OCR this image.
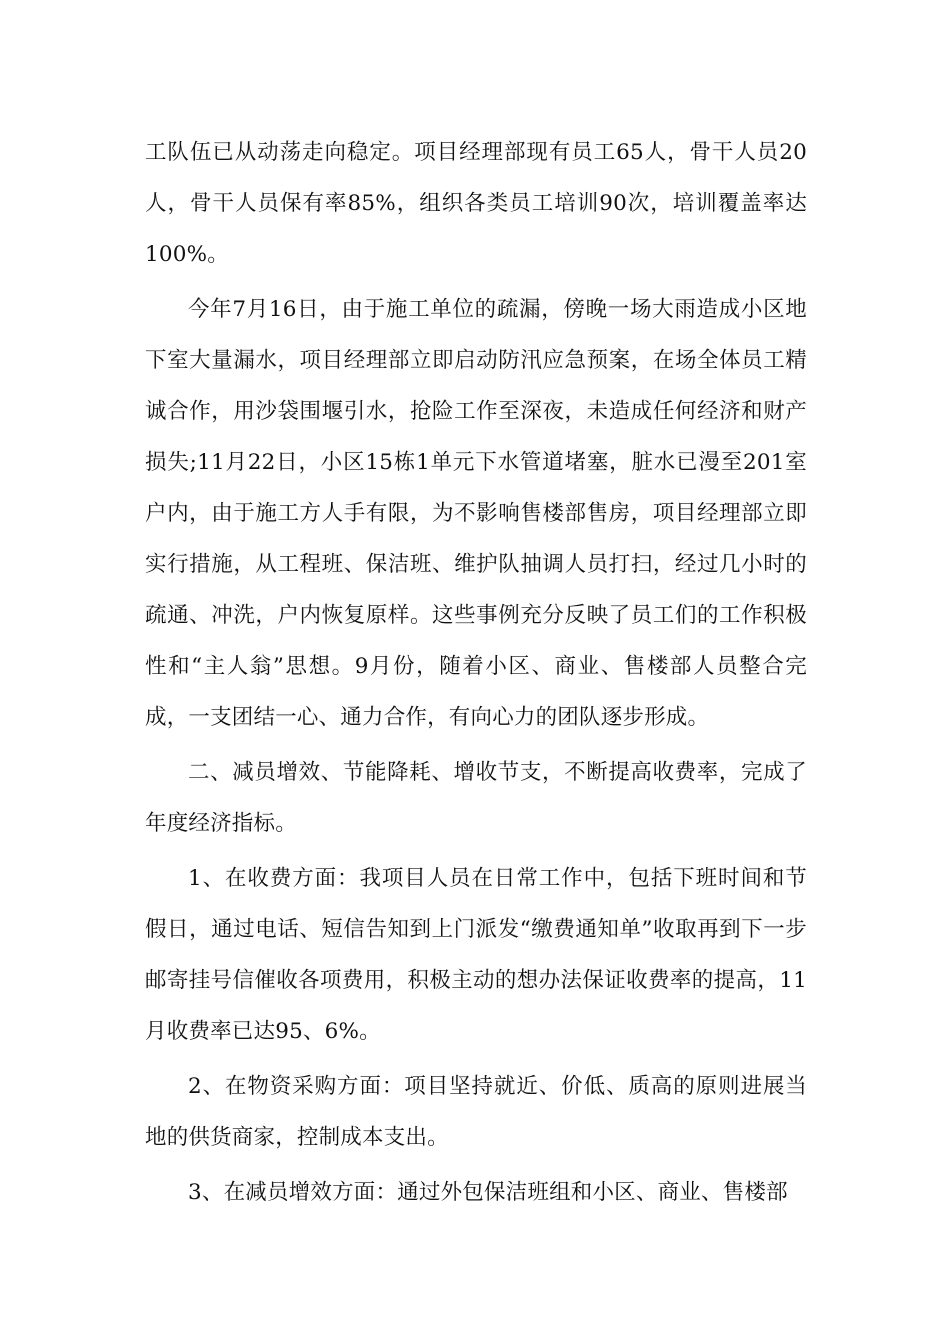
工队伍已从动荡走向稳定。项目经理部现有员工65人，骨干人员20人，骨干人员保有率85%，组织各类员工培训90次，培训覆盖率达100%。

今年7月16日，由于施工单位的疏漏，傍晚一场大雨造成小区地下室大量漏水，项目经理部立即启动防汛应急预案，在场全体员工精诚合作，用沙袋围堰引水，抢险工作至深夜，未造成任何经济和财产损失;11月22日，小区15栋1单元下水管道堵塞，脏水已漫至201室户内，由于施工方人手有限，为不影响售楼部售房，项目经理部立即实行措施，从工程班、保洁班、维护队抽调人员打扫，经过几小时的疏通、冲洗，户内恢复原样。这些事例充分反映了员工们的工作积极性和“主人翁”思想。9月份，随着小区、商业、售楼部人员整合完成，一支团结一心、通力合作，有向心力的团队逐步形成。

二、减员增效、节能降耗、增收节支，不断提高收费率，完成了年度经济指标。

1、在收费方面：我项目人员在日常工作中，包括下班时间和节假日，通过电话、短信告知到上门派发“缴费通知单”收取再到下一步邮寄挂号信催收各项费用，积极主动的想办法保证收费率的提高，11月收费率已达95、6%。

2、在物资采购方面：项目坚持就近、价低、质高的原则进展当地的供货商家，控制成本支出。

3、在减员增效方面：通过外包保洁班组和小区、商业、售楼部
